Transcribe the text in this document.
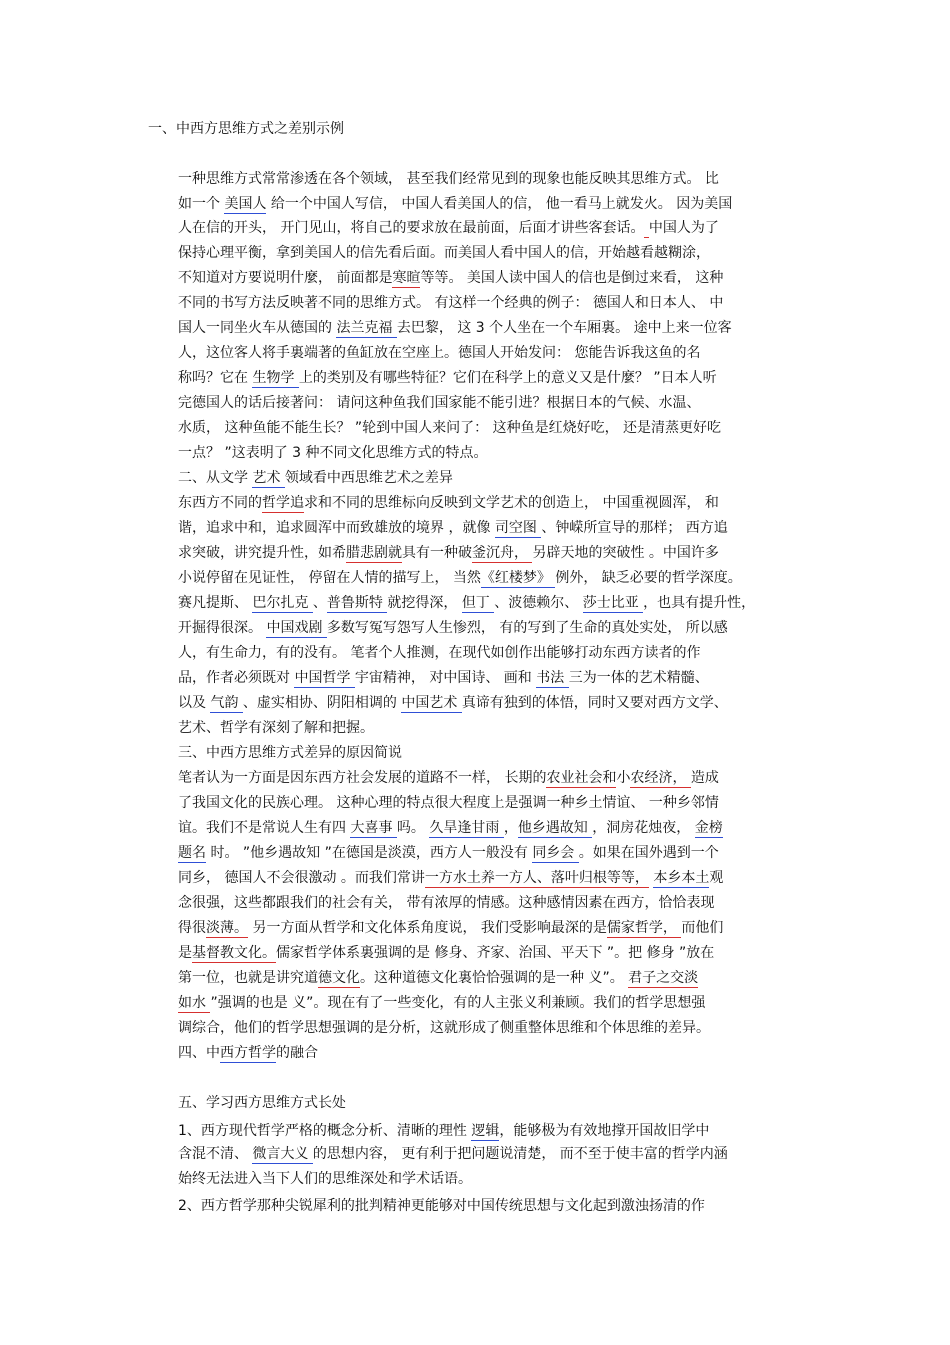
一、中西方思维方式之差别示例
一种思维方式常常渗透在各个领域， 甚至我们经常见到的现象也能反映其思维方式。 比
如一个 美国人 给一个中国人写信， 中国人看美国人的信， 他一看马上就发火。 因为美国
人在信的开头， 开门见山，将自己的要求放在最前面，后面才讲些客套话。 中国人为了
保持心理平衡，拿到美国人的信先看后面。而美国人看中国人的信，开始越看越糊涂，
不知道对方要说明什麼， 前面都是寒暄等等。 美国人读中国人的信也是倒过来看， 这种
不同的书写方法反映著不同的思维方式。 有这样一个经典的例子： 德国人和日本人、 中
国人一同坐火车从德国的 法兰克福 去巴黎， 这 3 个人坐在一个车厢裏。 途中上来一位客
人，这位客人将手裏端著的鱼缸放在空座上。德国人开始发问： 您能告诉我这鱼的名
称吗？它在 生物学 上的类别及有哪些特征？它们在科学上的意义又是什麼？ ”日本人听
完德国人的话后接著问： 请问这种鱼我们国家能不能引进？根据日本的气候、水温、
水质， 这种鱼能不能生长？ ”轮到中国人来问了： 这种鱼是红烧好吃， 还是清蒸更好吃
一点？ ”这表明了 3 种不同文化思维方式的特点。
二、从文学 艺术 领域看中西思维艺术之差异
东西方不同的哲学追求和不同的思维标向反映到文学艺术的创造上， 中国重视圆浑， 和
谐，追求中和，追求圆浑中而致雄放的境界 ，就像 司空图 、钟嵘所宣导的那样； 西方追
求突破，讲究提升性，如希腊悲剧就具有一种破釜沉舟， 另辟天地的突破性 。中国许多
小说停留在见证性， 停留在人情的描写上， 当然《红楼梦》 例外， 缺乏必要的哲学深度。
赛凡提斯、 巴尔扎克 、普鲁斯特 就挖得深， 但丁 、波德赖尔、 莎士比亚 ，也具有提升性，
开掘得很深。 中国戏剧 多数写冤写怨写人生惨烈， 有的写到了生命的真处实处， 所以感
人，有生命力，有的没有。 笔者个人推测，在现代如创作出能够打动东西方读者的作
品，作者必须既对 中国哲学 宇宙精神， 对中国诗、 画和 书法 三为一体的艺术精髓、
以及 气韵 、虚实相协、阴阳相调的 中国艺术 真谛有独到的体悟，同时又要对西方文学、
艺术、哲学有深刻了解和把握。
三、中西方思维方式差异的原因简说
笔者认为一方面是因东西方社会发展的道路不一样， 长期的农业社会和小农经济， 造成
了我国文化的民族心理。 这种心理的特点很大程度上是强调一种乡土情谊、 一种乡邻情
谊。我们不是常说人生有四 大喜事 吗。 久旱逢甘雨 ，他乡遇故知 ，洞房花烛夜， 金榜
题名 时。 ”他乡遇故知 ”在德国是淡漠，西方人一般没有 同乡会 。如果在国外遇到一个
同乡， 德国人不会很激动 。而我们常讲一方水土养一方人、落叶归根等等， 本乡本土观
念很强，这些都跟我们的社会有关， 带有浓厚的情感。这种感情因素在西方，恰恰表现
得很淡薄。 另一方面从哲学和文化体系角度说， 我们受影响最深的是儒家哲学， 而他们
是基督教文化。儒家哲学体系裏强调的是 修身、齐家、治国、平天下 ”。把 修身 ”放在
第一位，也就是讲究道德文化。这种道德文化裏恰恰强调的是一种 义”。 君子之交淡
如水 ”强调的也是 义”。现在有了一些变化，有的人主张义利兼顾。我们的哲学思想强
调综合，他们的哲学思想强调的是分析，这就形成了侧重整体思维和个体思维的差异。
四、中西方哲学的融合
五、学习西方思维方式长处
1、西方现代哲学严格的概念分析、清晰的理性 逻辑，能够极为有效地撑开国故旧学中
含混不清、 微言大义 的思想内容， 更有利于把问题说清楚， 而不至于使丰富的哲学内涵
始终无法进入当下人们的思维深处和学术话语。
2、西方哲学那种尖锐犀利的批判精神更能够对中国传统思想与文化起到激浊扬清的作
